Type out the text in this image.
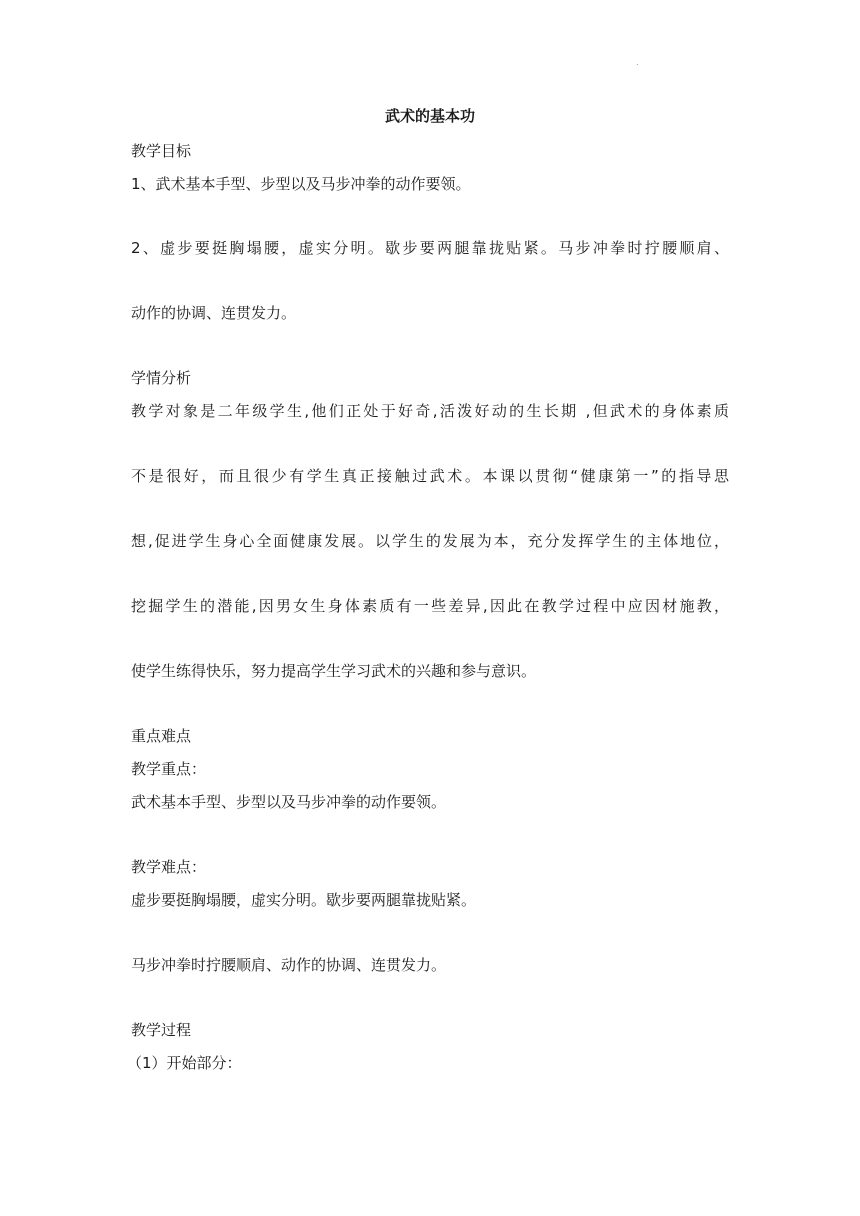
.
武术的基本功
教学目标
1、武术基本手型、步型以及马步冲拳的动作要领。
2、虚步要挺胸塌腰，虚实分明。歇步要两腿靠拢贴紧。马步冲拳时拧腰顺肩、
动作的协调、连贯发力。
学情分析
教学对象是二年级学生,他们正处于好奇,活泼好动的生长期 ,但武术的身体素质
不是很好，而且很少有学生真正接触过武术。本课以贯彻“健康第一”的指导思
想,促进学生身心全面健康发展。以学生的发展为本，充分发挥学生的主体地位，
挖掘学生的潜能,因男女生身体素质有一些差异,因此在教学过程中应因材施教，
使学生练得快乐，努力提高学生学习武术的兴趣和参与意识。
重点难点
教学重点：
武术基本手型、步型以及马步冲拳的动作要领。
教学难点：
虚步要挺胸塌腰，虚实分明。歇步要两腿靠拢贴紧。
马步冲拳时拧腰顺肩、动作的协调、连贯发力。
教学过程
（1）开始部分：
